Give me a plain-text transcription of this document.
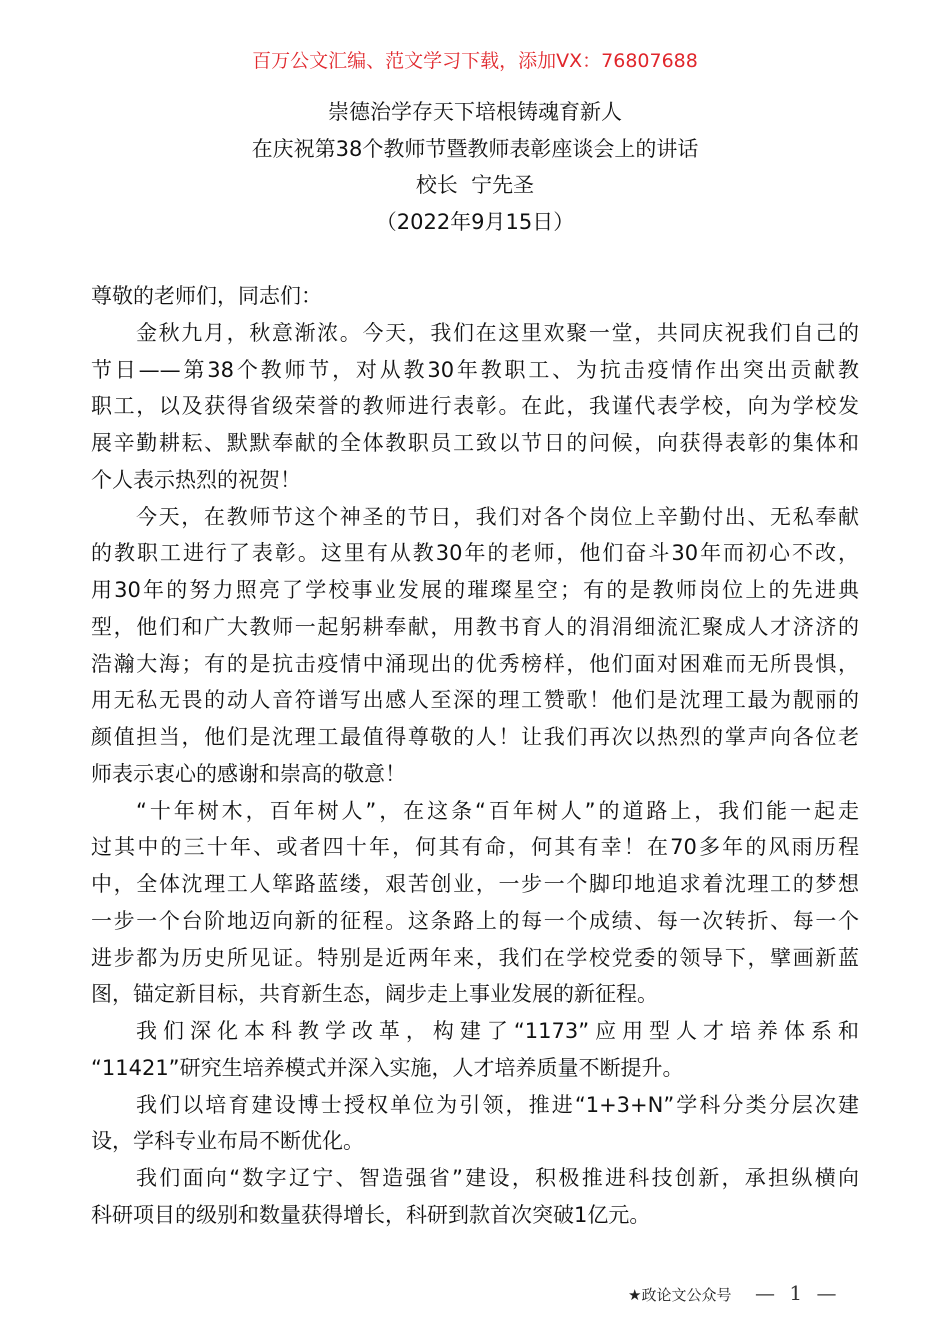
百万公文汇编、范文学习下载，添加VX：76807688
崇德治学存天下培根铸魂育新人
在庆祝第38个教师节暨教师表彰座谈会上的讲话
校长  宁先圣
（2022年9月15日）
尊敬的老师们，同志们：
金秋九月，秋意渐浓。今天，我们在这里欢聚一堂，共同庆祝我们自己的
节日——第38个教师节，对从教30年教职工、为抗击疫情作出突出贡献教
职工，以及获得省级荣誉的教师进行表彰。在此，我谨代表学校，向为学校发
展辛勤耕耘、默默奉献的全体教职员工致以节日的问候，向获得表彰的集体和
个人表示热烈的祝贺！
今天，在教师节这个神圣的节日，我们对各个岗位上辛勤付出、无私奉献
的教职工进行了表彰。这里有从教30年的老师，他们奋斗30年而初心不改，
用30年的努力照亮了学校事业发展的璀璨星空；有的是教师岗位上的先进典
型，他们和广大教师一起躬耕奉献，用教书育人的涓涓细流汇聚成人才济济的
浩瀚大海；有的是抗击疫情中涌现出的优秀榜样，他们面对困难而无所畏惧，
用无私无畏的动人音符谱写出感人至深的理工赞歌！他们是沈理工最为靓丽的
颜值担当，他们是沈理工最值得尊敬的人！让我们再次以热烈的掌声向各位老
师表示衷心的感谢和崇高的敬意！
“十年树木，百年树人”，在这条“百年树人”的道路上，我们能一起走
过其中的三十年、或者四十年，何其有命，何其有幸！在70多年的风雨历程
中，全体沈理工人筚路蓝缕，艰苦创业，一步一个脚印地追求着沈理工的梦想
一步一个台阶地迈向新的征程。这条路上的每一个成绩、每一次转折、每一个
进步都为历史所见证。特别是近两年来，我们在学校党委的领导下，擘画新蓝
图，锚定新目标，共育新生态，阔步走上事业发展的新征程。
我们深化本科教学改革，构建了“1173”应用型人才培养体系和
“11421”研究生培养模式并深入实施，人才培养质量不断提升。
我们以培育建设博士授权单位为引领，推进“1+3+N”学科分类分层次建
设，学科专业布局不断优化。
我们面向“数字辽宁、智造强省”建设，积极推进科技创新，承担纵横向
科研项目的级别和数量获得增长，科研到款首次突破1亿元。
★政论文公众号 — 1 —
